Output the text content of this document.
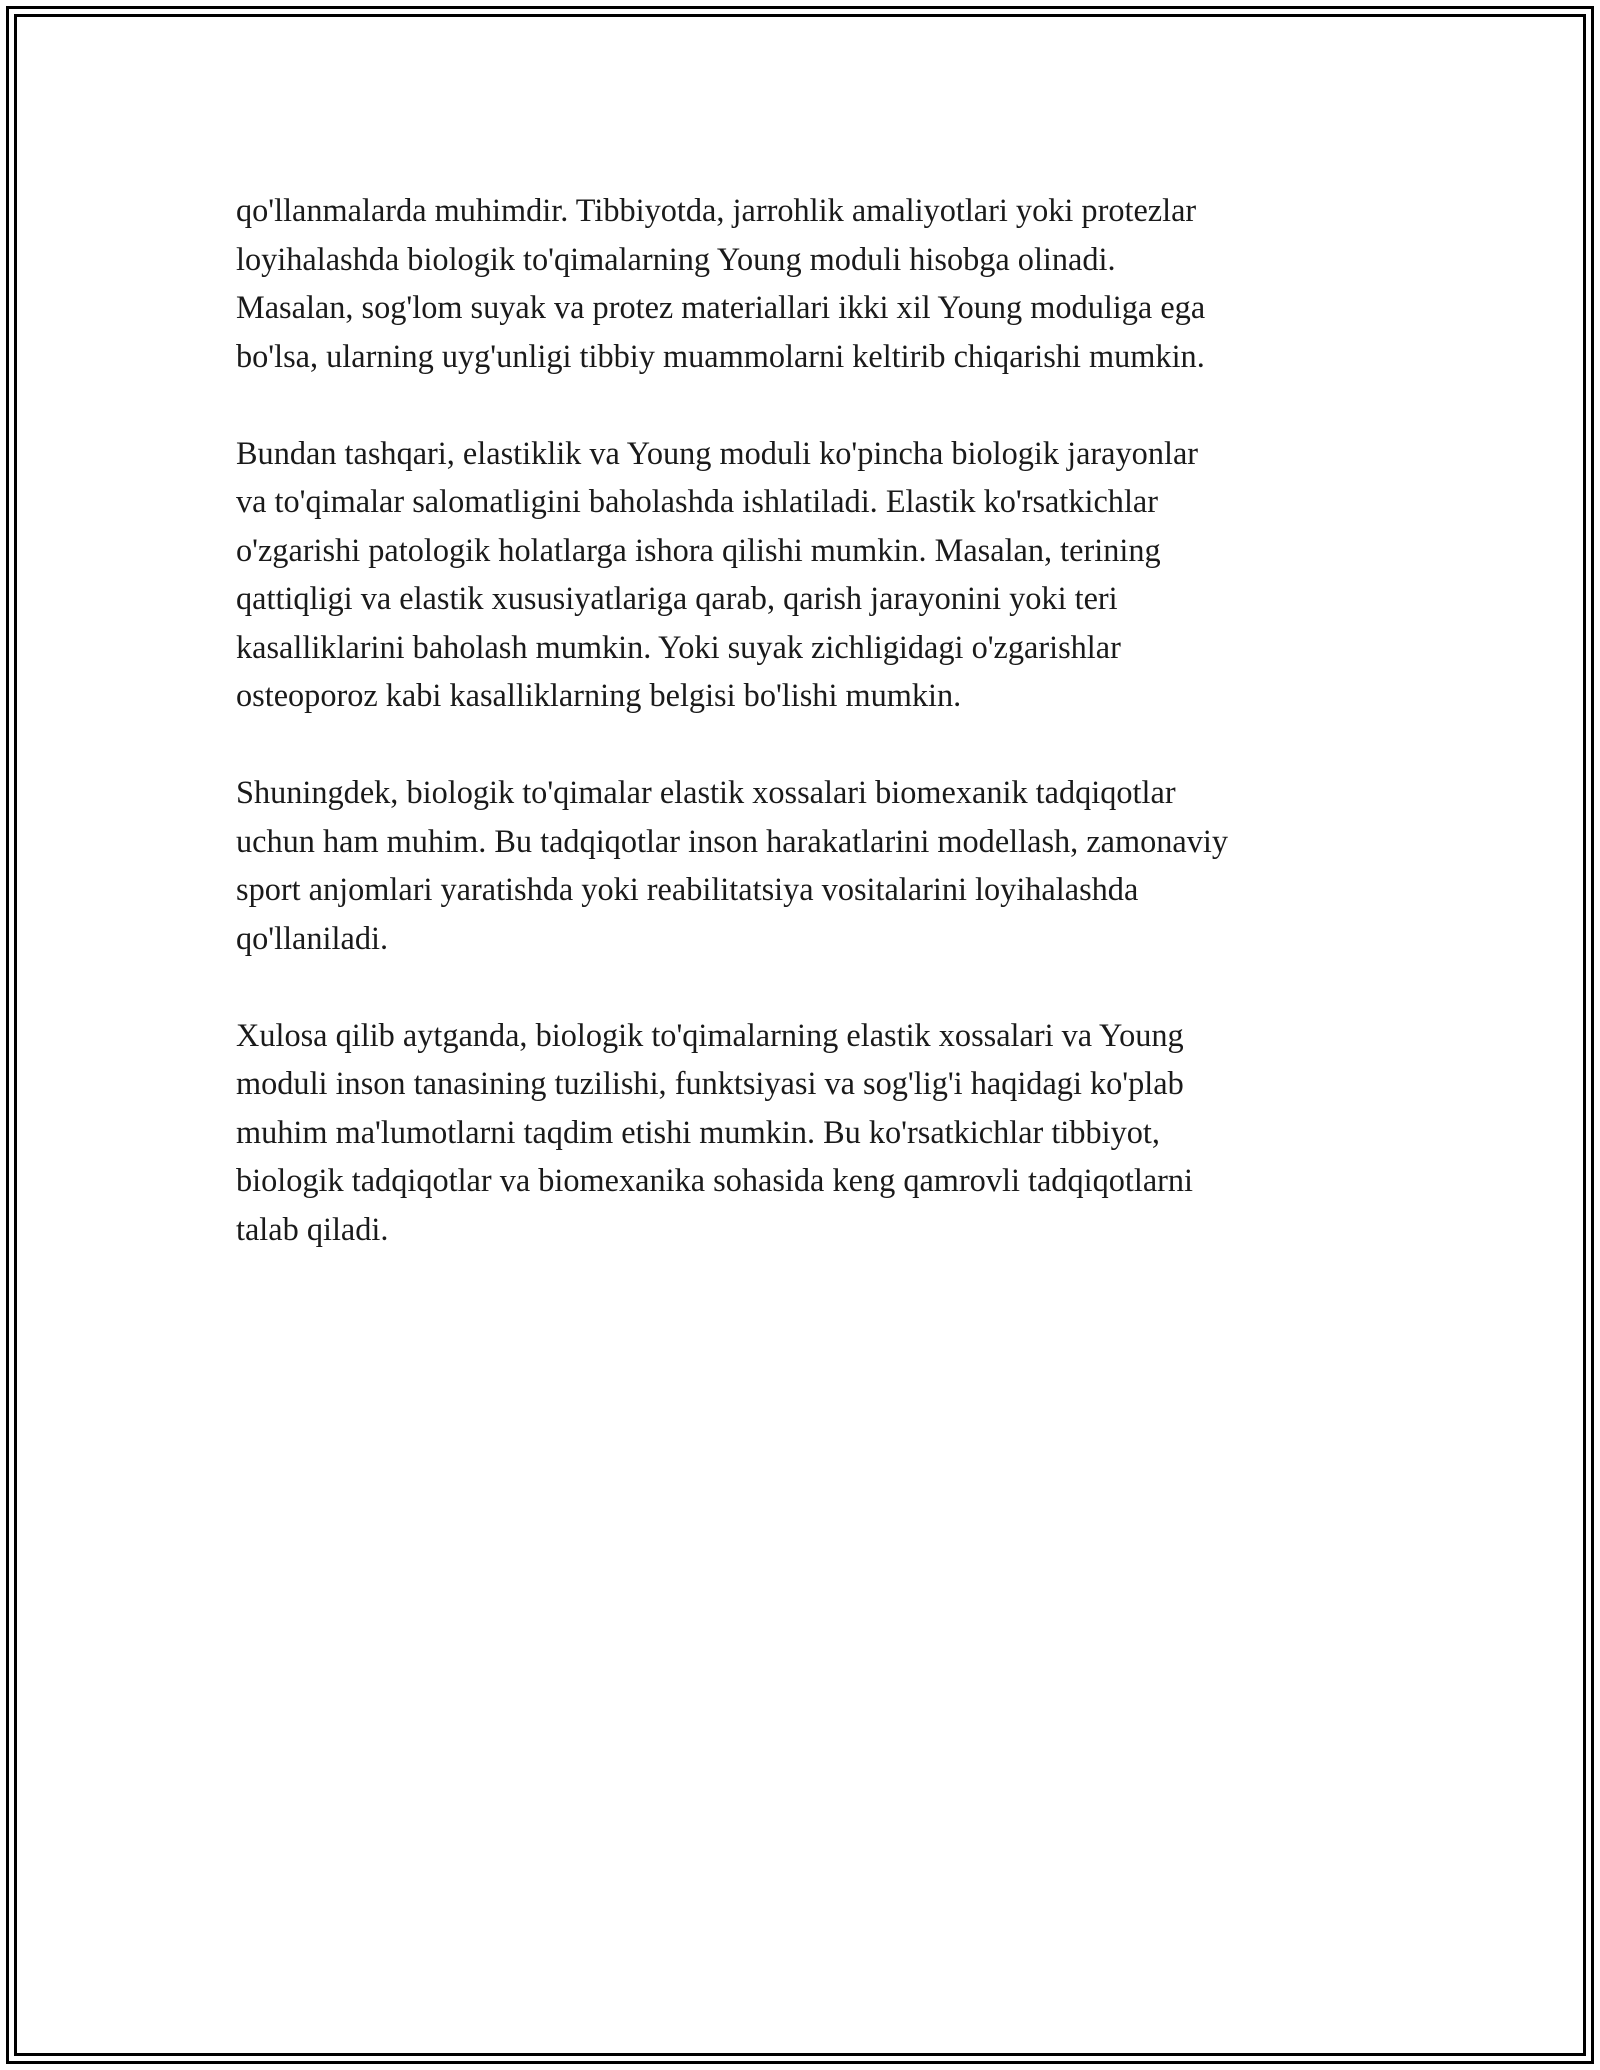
qo'llanmalarda muhimdir. Tibbiyotda, jarrohlik amaliyotlari yoki protezlar
loyihalashda biologik to'qimalarning Young moduli hisobga olinadi.
Masalan, sog'lom suyak va protez materiallari ikki xil Young moduliga ega
bo'lsa, ularning uyg'unligi tibbiy muammolarni keltirib chiqarishi mumkin.

Bundan tashqari, elastiklik va Young moduli ko'pincha biologik jarayonlar
va to'qimalar salomatligini baholashda ishlatiladi. Elastik ko'rsatkichlar
o'zgarishi patologik holatlarga ishora qilishi mumkin. Masalan, terining
qattiqligi va elastik xususiyatlariga qarab, qarish jarayonini yoki teri
kasalliklarini baholash mumkin. Yoki suyak zichligidagi o'zgarishlar
osteoporoz kabi kasalliklarning belgisi bo'lishi mumkin.

Shuningdek, biologik to'qimalar elastik xossalari biomexanik tadqiqotlar
uchun ham muhim. Bu tadqiqotlar inson harakatlarini modellash, zamonaviy
sport anjomlari yaratishda yoki reabilitatsiya vositalarini loyihalashda
qo'llaniladi.

Xulosa qilib aytganda, biologik to'qimalarning elastik xossalari va Young
moduli inson tanasining tuzilishi, funktsiyasi va sog'lig'i haqidagi ko'plab
muhim ma'lumotlarni taqdim etishi mumkin. Bu ko'rsatkichlar tibbiyot,
biologik tadqiqotlar va biomexanika sohasida keng qamrovli tadqiqotlarni
talab qiladi.
